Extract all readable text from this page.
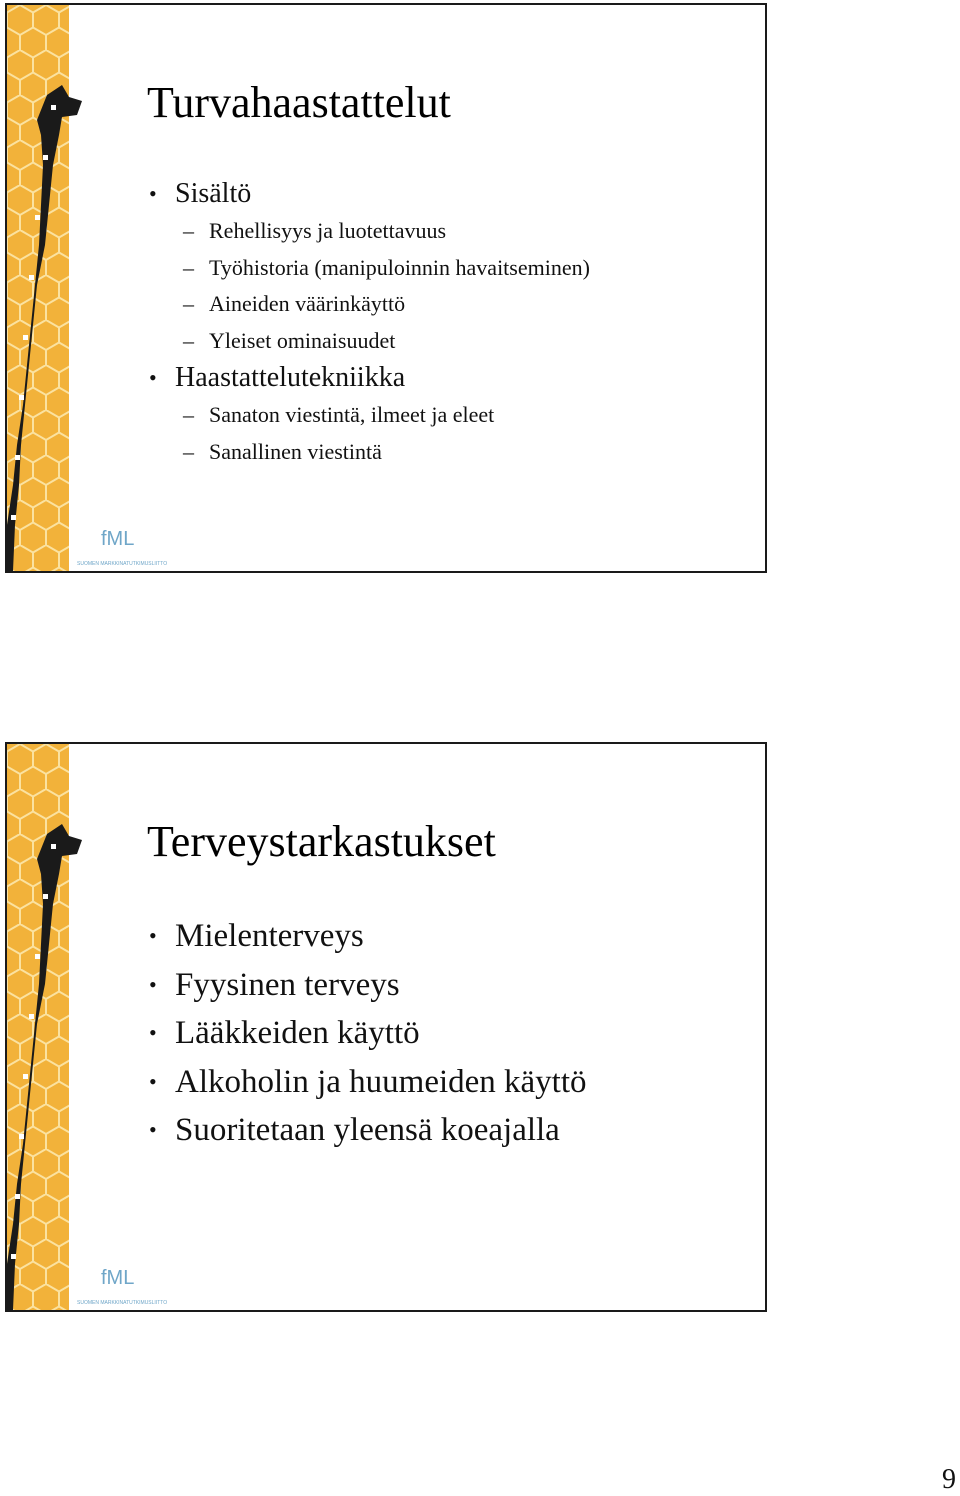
Turvahaastattelut
• Sisältö
– Rehellisyys ja luotettavuus
– Työhistoria (manipuloinnin havaitseminen)
– Aineiden väärinkäyttö
– Yleiset ominaisuudet
• Haastattelutekniikka
– Sanaton viestintä, ilmeet ja eleet
– Sanallinen viestintä
fML
SUOMEN MARKKINATUTKIMUSLIITTO
Terveystarkastukset
• Mielenterveys
• Fyysinen terveys
• Lääkkeiden käyttö
• Alkoholin ja huumeiden käyttö
• Suoritetaan yleensä koeajalla
fML
SUOMEN MARKKINATUTKIMUSLIITTO
9
